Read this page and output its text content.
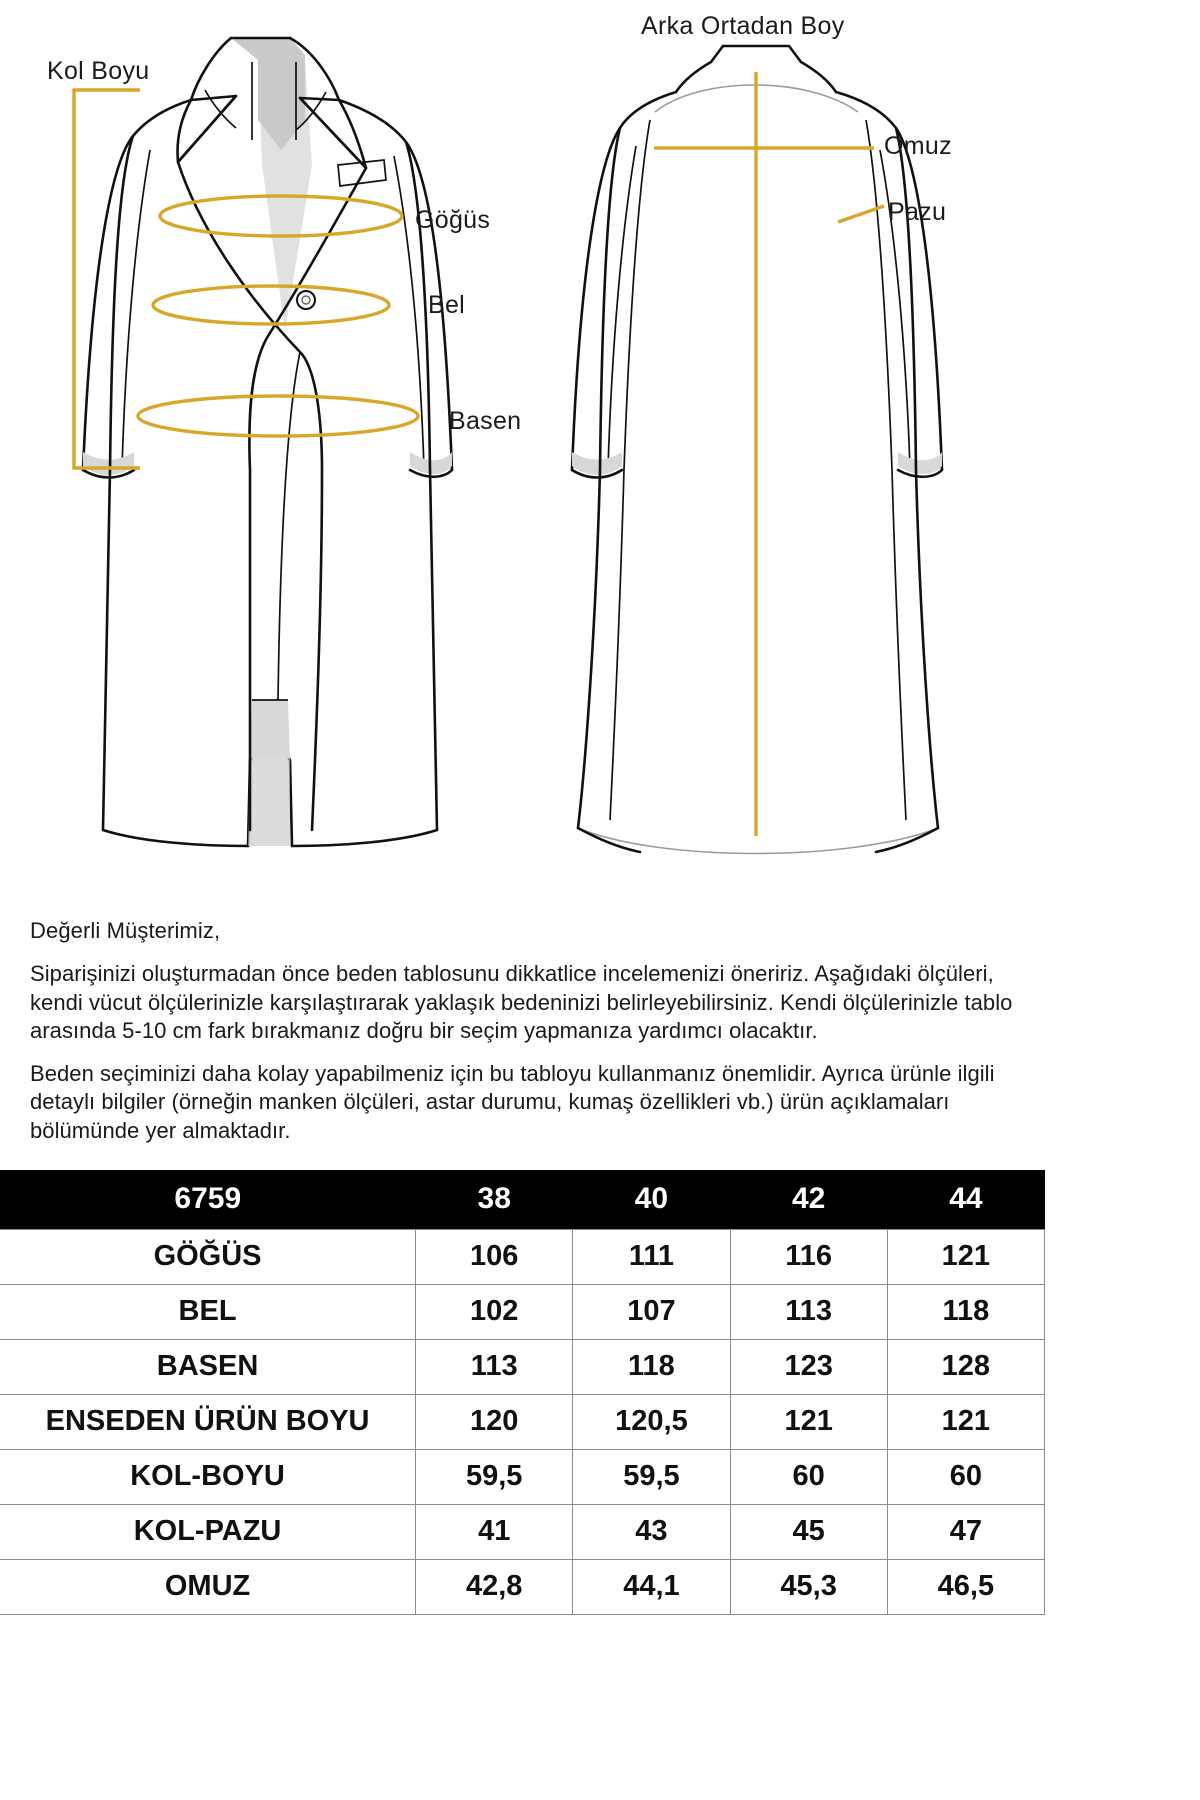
Kol Boyu
Arka Ortadan Boy
Göğüs
Omuz
Pazu
Bel
Basen
Değerli Müşterimiz,

Siparişinizi oluşturmadan önce beden tablosunu dikkatlice incelemenizi öneririz. Aşağıdaki ölçüleri, kendi vücut ölçülerinizle karşılaştırarak yaklaşık bedeninizi belirleyebilirsiniz. Kendi ölçülerinizle tablo arasında 5-10 cm fark bırakmanız doğru bir seçim yapmanıza yardımcı olacaktır.

Beden seçiminizi daha kolay yapabilmeniz için bu tabloyu kullanmanız önemlidir. Ayrıca ürünle ilgili detaylı bilgiler (örneğin manken ölçüleri, astar durumu, kumaş özellikleri vb.) ürün açıklamaları bölümünde yer almaktadır.

6759	38	40	42	44
GÖĞÜS	106	111	116	121
BEL	102	107	113	118
BASEN	113	118	123	128
ENSEDEN ÜRÜN BOYU	120	120,5	121	121
KOL-BOYU	59,5	59,5	60	60
KOL-PAZU	41	43	45	47
OMUZ	42,8	44,1	45,3	46,5
